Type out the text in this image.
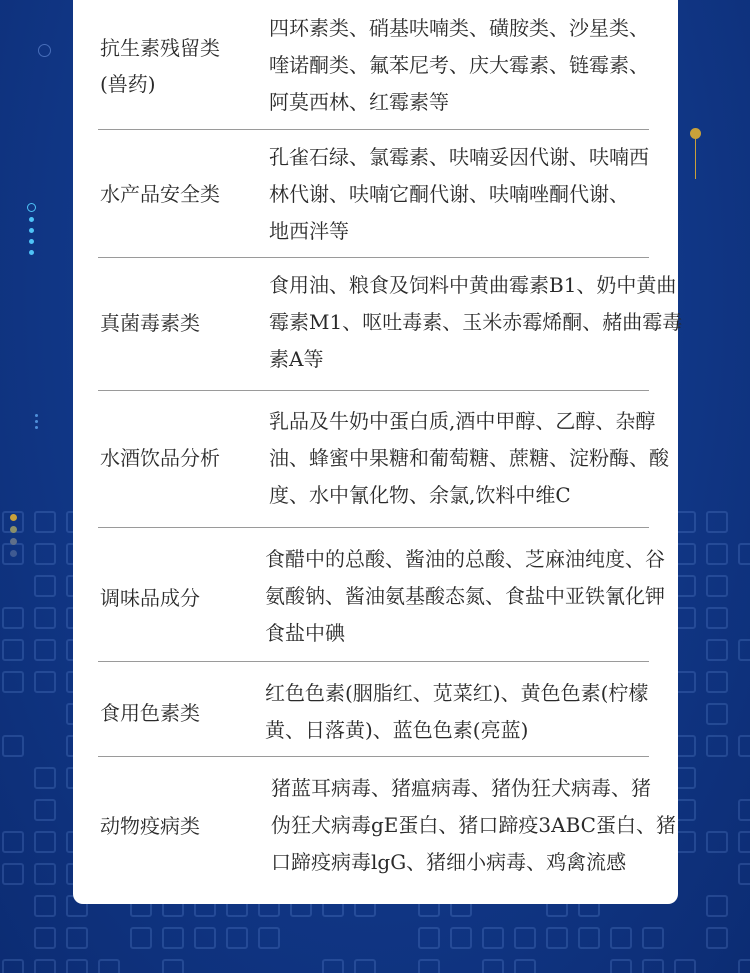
抗生素残留类
(兽药)
四环素类、硝基呋喃类、磺胺类、沙星类、
喹诺酮类、氟苯尼考、庆大霉素、链霉素、
阿莫西林、红霉素等
水产品安全类
孔雀石绿、氯霉素、呋喃妥因代谢、呋喃西
林代谢、呋喃它酮代谢、呋喃唑酮代谢、
地西泮等
真菌毒素类
食用油、粮食及饲料中黄曲霉素B1、奶中黄曲
霉素M1、呕吐毒素、玉米赤霉烯酮、赭曲霉毒
素A等
水酒饮品分析
乳品及牛奶中蛋白质,酒中甲醇、乙醇、杂醇
油、蜂蜜中果糖和葡萄糖、蔗糖、淀粉酶、酸
度、水中氰化物、余氯,饮料中维C
调味品成分
食醋中的总酸、酱油的总酸、芝麻油纯度、谷
氨酸钠、酱油氨基酸态氮、食盐中亚铁氰化钾
食盐中碘
食用色素类
红色色素(胭脂红、苋菜红)、黄色色素(柠檬
黄、日落黄)、蓝色色素(亮蓝)
动物疫病类
猪蓝耳病毒、猪瘟病毒、猪伪狂犬病毒、猪
伪狂犬病毒gE蛋白、猪口蹄疫3ABC蛋白、猪
口蹄疫病毒lgG、猪细小病毒、鸡禽流感
